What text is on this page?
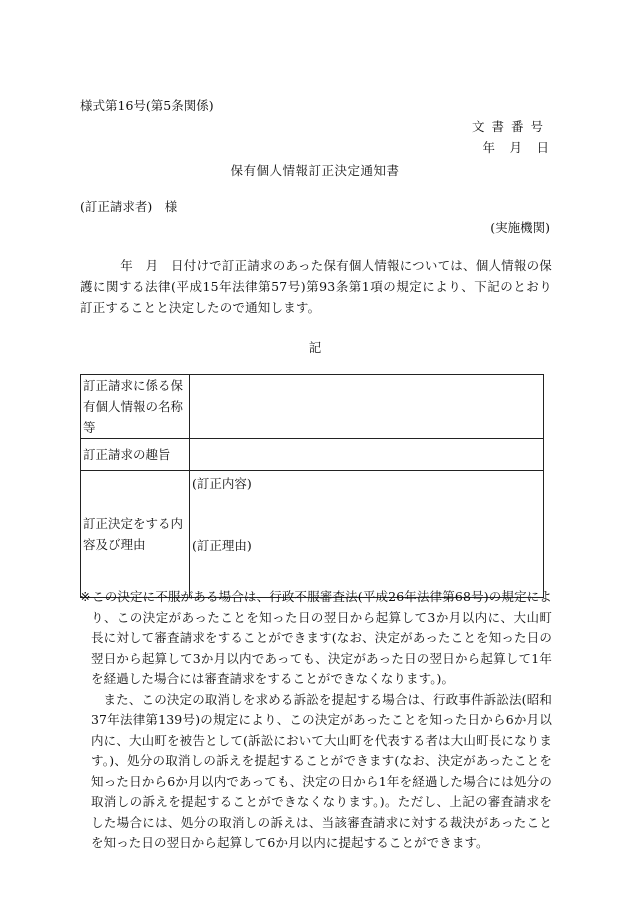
様式第16号(第5条関係)
文書番号
年　月　日
保有個人情報訂正決定通知書
(訂正請求者)　様
(実施機関)
　年　月　日付けで訂正請求のあった保有個人情報については、個人情報の保護に関する法律(平成15年法律第57号)第93条第1項の規定により、下記のとおり訂正することと決定したので通知します。
記
訂正請求に係る保有個人情報の名称等	
訂正請求の趣旨	
訂正決定をする内容及び理由	(訂正内容)
(訂正理由)

※この決定に不服がある場合は、行政不服審査法(平成26年法律第68号)の規定により、この決定があったことを知った日の翌日から起算して3か月以内に、大山町長に対して審査請求をすることができます(なお、決定があったことを知った日の翌日から起算して3か月以内であっても、決定があった日の翌日から起算して1年を経過した場合には審査請求をすることができなくなります。)。

また、この決定の取消しを求める訴訟を提起する場合は、行政事件訴訟法(昭和37年法律第139号)の規定により、この決定があったことを知った日から6か月以内に、大山町を被告として(訴訟において大山町を代表する者は大山町長になります。)、処分の取消しの訴えを提起することができます(なお、決定があったことを知った日から6か月以内であっても、決定の日から1年を経過した場合には処分の取消しの訴えを提起することができなくなります。)。ただし、上記の審査請求をした場合には、処分の取消しの訴えは、当該審査請求に対する裁決があったことを知った日の翌日から起算して6か月以内に提起することができます。
